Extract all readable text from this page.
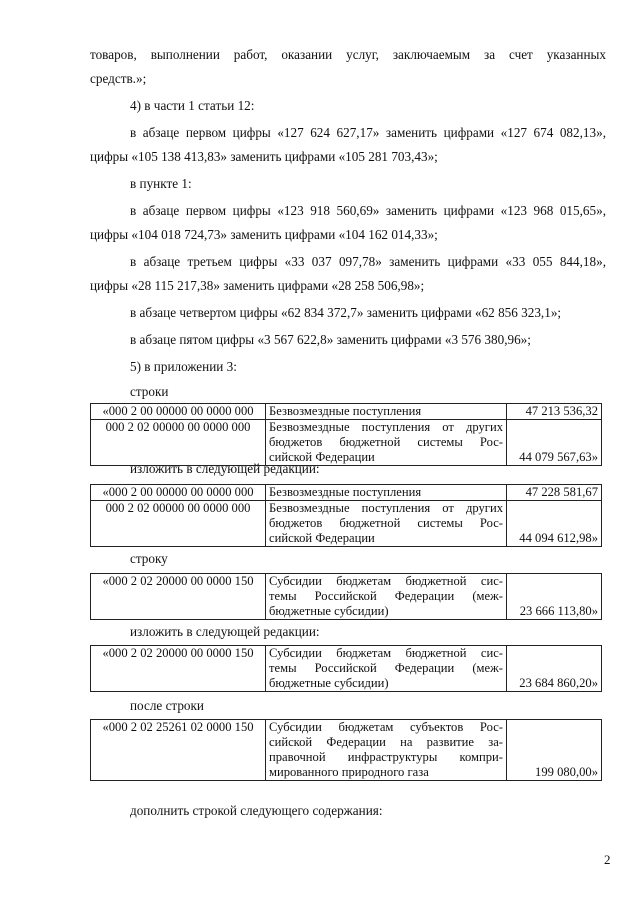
товаров, выполнении работ, оказании услуг, заключаемым за счет указанных
средств.»;
4) в части 1 статьи 12:
в абзаце первом цифры «127 624 627,17» заменить цифрами «127 674 082,13»,
цифры «105 138 413,83» заменить цифрами «105 281 703,43»;
в пункте 1:
в абзаце первом цифры «123 918 560,69» заменить цифрами «123 968 015,65»,
цифры «104 018 724,73» заменить цифрами «104 162 014,33»;
в абзаце третьем цифры «33 037 097,78» заменить цифрами «33 055 844,18»,
цифры «28 115 217,38» заменить цифрами «28 258 506,98»;
в абзаце четвертом цифры «62 834 372,7» заменить цифрами «62 856 323,1»;
в абзаце пятом цифры «3 567 622,8» заменить цифрами «3 576 380,96»;
5) в приложении 3:
строки
«000 2 00 00000 00 0000 000	Безвозмездные поступления	47 213 536,32
000 2 02 00000 00 0000 000	Безвозмездные поступления от других
бюджетов бюджетной системы Рос-
сийской Федерации	44 079 567,63»
изложить в следующей редакции:
«000 2 00 00000 00 0000 000	Безвозмездные поступления	47 228 581,67
000 2 02 00000 00 0000 000	Безвозмездные поступления от других
бюджетов бюджетной системы Рос-
сийской Федерации	44 094 612,98»
строку
«000 2 02 20000 00 0000 150	Субсидии бюджетам бюджетной сис-
темы Российской Федерации (меж-
бюджетные субсидии)	23 666 113,80»
изложить в следующей редакции:
«000 2 02 20000 00 0000 150	Субсидии бюджетам бюджетной сис-
темы Российской Федерации (меж-
бюджетные субсидии)	23 684 860,20»
после строки
«000 2 02 25261 02 0000 150	Субсидии бюджетам субъектов Рос-
сийской Федерации на развитие за-
правочной инфраструктуры компри-
мированного природного газа	199 080,00»
дополнить строкой следующего содержания:
2
